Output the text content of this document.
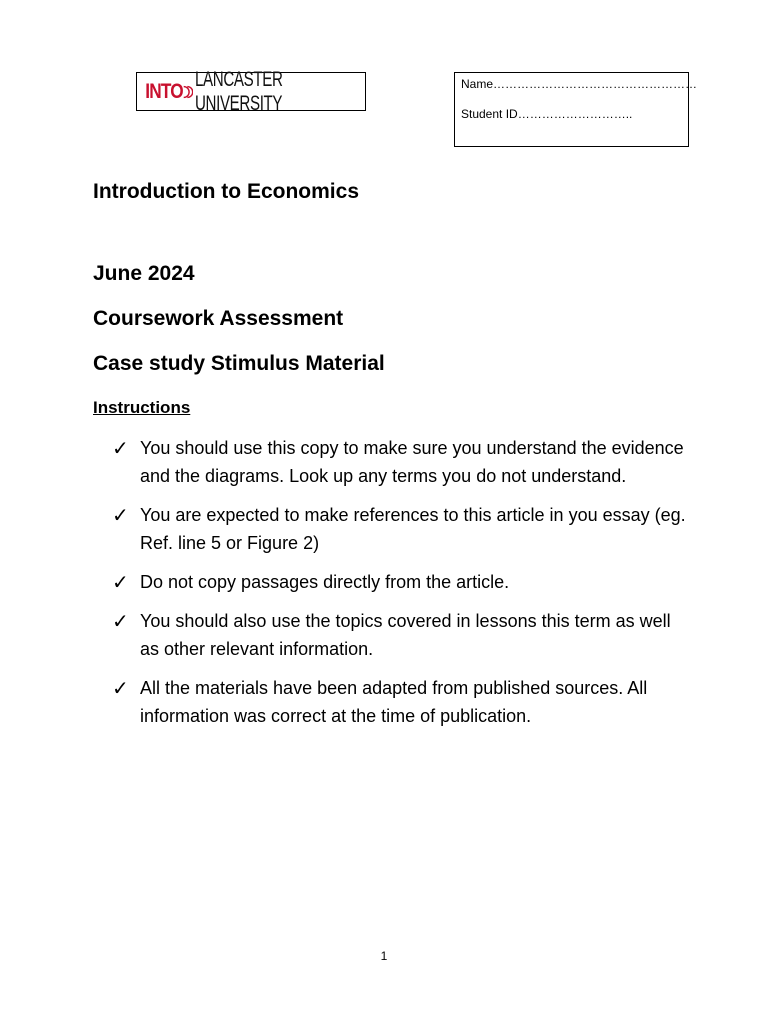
INTO
LANCASTER UNIVERSITY
Name……………………………………………
Student ID………………………..
Introduction to Economics
June 2024
Coursework Assessment
Case study Stimulus Material
Instructions
✓ You should use this copy to make sure you understand the evidence and the diagrams. Look up any terms you do not understand.
✓ You are expected to make references to this article in you essay (eg. Ref. line 5 or Figure 2)
✓ Do not copy passages directly from the article.
✓ You should also use the topics covered in lessons this term as well as other relevant information.
✓ All the materials have been adapted from published sources. All information was correct at the time of publication.
1
